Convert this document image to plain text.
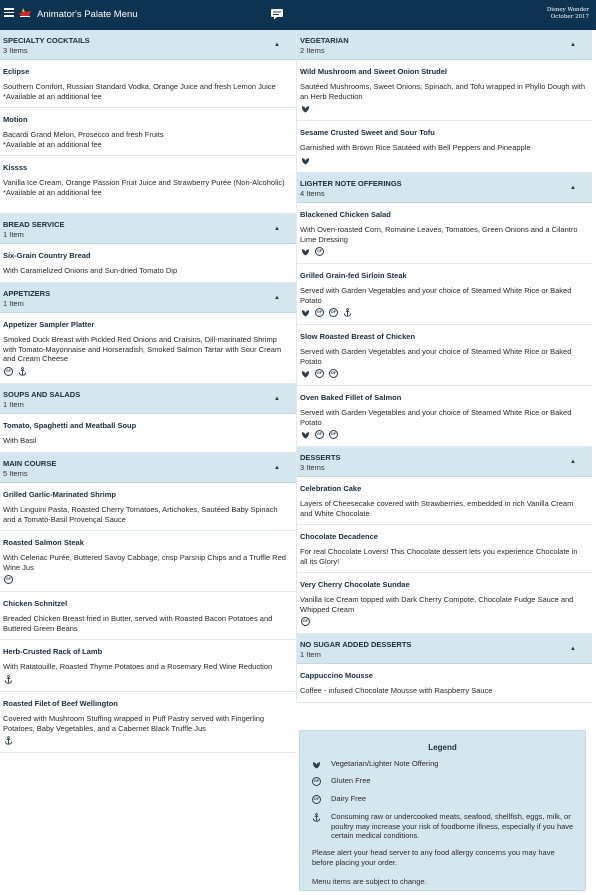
Animator's Palate Menu	Disney Wonder
October 2017
SPECIALTY COCKTAILS
3 Items
▲
Eclipse
Southern Comfort, Russian Standard Vodka, Orange Juice and fresh Lemon Juice
*Available at an additional fee
Motion
Bacardi Grand Melon, Prosecco and fresh Fruits
*Available at an additional fee
Kissss
Vanilla Ice Cream, Orange Passion Fruit Juice and Strawberry Purée (Non-Alcoholic)
*Available at an additional fee
BREAD SERVICE
1 Item
▲
Six-Grain Country Bread
With Caramelized Onions and Sun-dried Tomato Dip
APPETIZERS
1 Item
▲
Appetizer Sampler Platter
Smoked Duck Breast with Pickled Red Onions and Craisins, Dill-marinated Shrimp with Tomato-Mayonnaise and Horseradish, Smoked Salmon Tartar with Sour Cream and Cream Cheese
GF
SOUPS AND SALADS
1 Item
▲
Tomato, Spaghetti and Meatball Soup
With Basil
MAIN COURSE
5 Items
▲
Grilled Garlic-Marinated Shrimp
With Linguini Pasta, Roasted Cherry Tomatoes, Artichokes, Sautéed Baby Spinach and a Tomato-Basil Provençal Sauce
Roasted Salmon Steak
With Celeriac Purée, Buttered Savoy Cabbage, crisp Parsnip Chips and a Truffle Red Wine Jus
GF
Chicken Schnitzel
Breaded Chicken Breast fried in Butter, served with Roasted Bacon Potatoes and Buttered Green Beans
Herb-Crusted Rack of Lamb
With Ratatouille, Roasted Thyme Potatoes and a Rosemary Red Wine Reduction
Roasted Filet of Beef Wellington
Covered with Mushroom Stuffing wrapped in Puff Pastry served with Fingerling Potatoes, Baby Vegetables, and a Cabernet Black Truffle Jus
VEGETARIAN
2 Items
▲
Wild Mushroom and Sweet Onion Strudel
Sautéed Mushrooms, Sweet Onions, Spinach, and Tofu wrapped in Phyllo Dough with an Herb Reduction
Sesame Crusted Sweet and Sour Tofu
Garnished with Brown Rice Sautéed with Bell Peppers and Pineapple
LIGHTER NOTE OFFERINGS
4 Items
▲
Blackened Chicken Salad
With Oven-roasted Corn, Romaine Leaves, Tomatoes, Green Onions and a Cilantro Lime Dressing
GF
Grilled Grain-fed Sirloin Steak
Served with Garden Vegetables and your choice of Steamed White Rice or Baked Potato
GF	DF
Slow Roasted Breast of Chicken
Served with Garden Vegetables and your choice of Steamed White Rice or Baked Potato
GF	DF
Oven Baked Fillet of Salmon
Served with Garden Vegetables and your choice of Steamed White Rice or Baked Potato
GF	DF
DESSERTS
3 Items
▲
Celebration Cake
Layers of Cheesecake covered with Strawberries, embedded in rich Vanilla Cream and White Chocolate
Chocolate Decadence
For real Chocolate Lovers! This Chocolate dessert lets you experience Chocolate in all its Glory!
Very Cherry Chocolate Sundae
Vanilla Ice Cream topped with Dark Cherry Compote, Chocolate Fudge Sauce and Whipped Cream
GF
NO SUGAR ADDED DESSERTS
1 Item
▲
Cappuccino Mousse
Coffee - infused Chocolate Mousse with Raspberry Sauce
Legend
Vegetarian/Lighter Note Offering
GF Gluten Free
DF Dairy Free
Consuming raw or undercooked meats, seafood, shellfish, eggs, milk, or poultry may increase your risk of foodborne illness, especially if you have certain medical conditions.
Please alert your head server to any food allergy concerns you may have before placing your order.
Menu items are subject to change.
